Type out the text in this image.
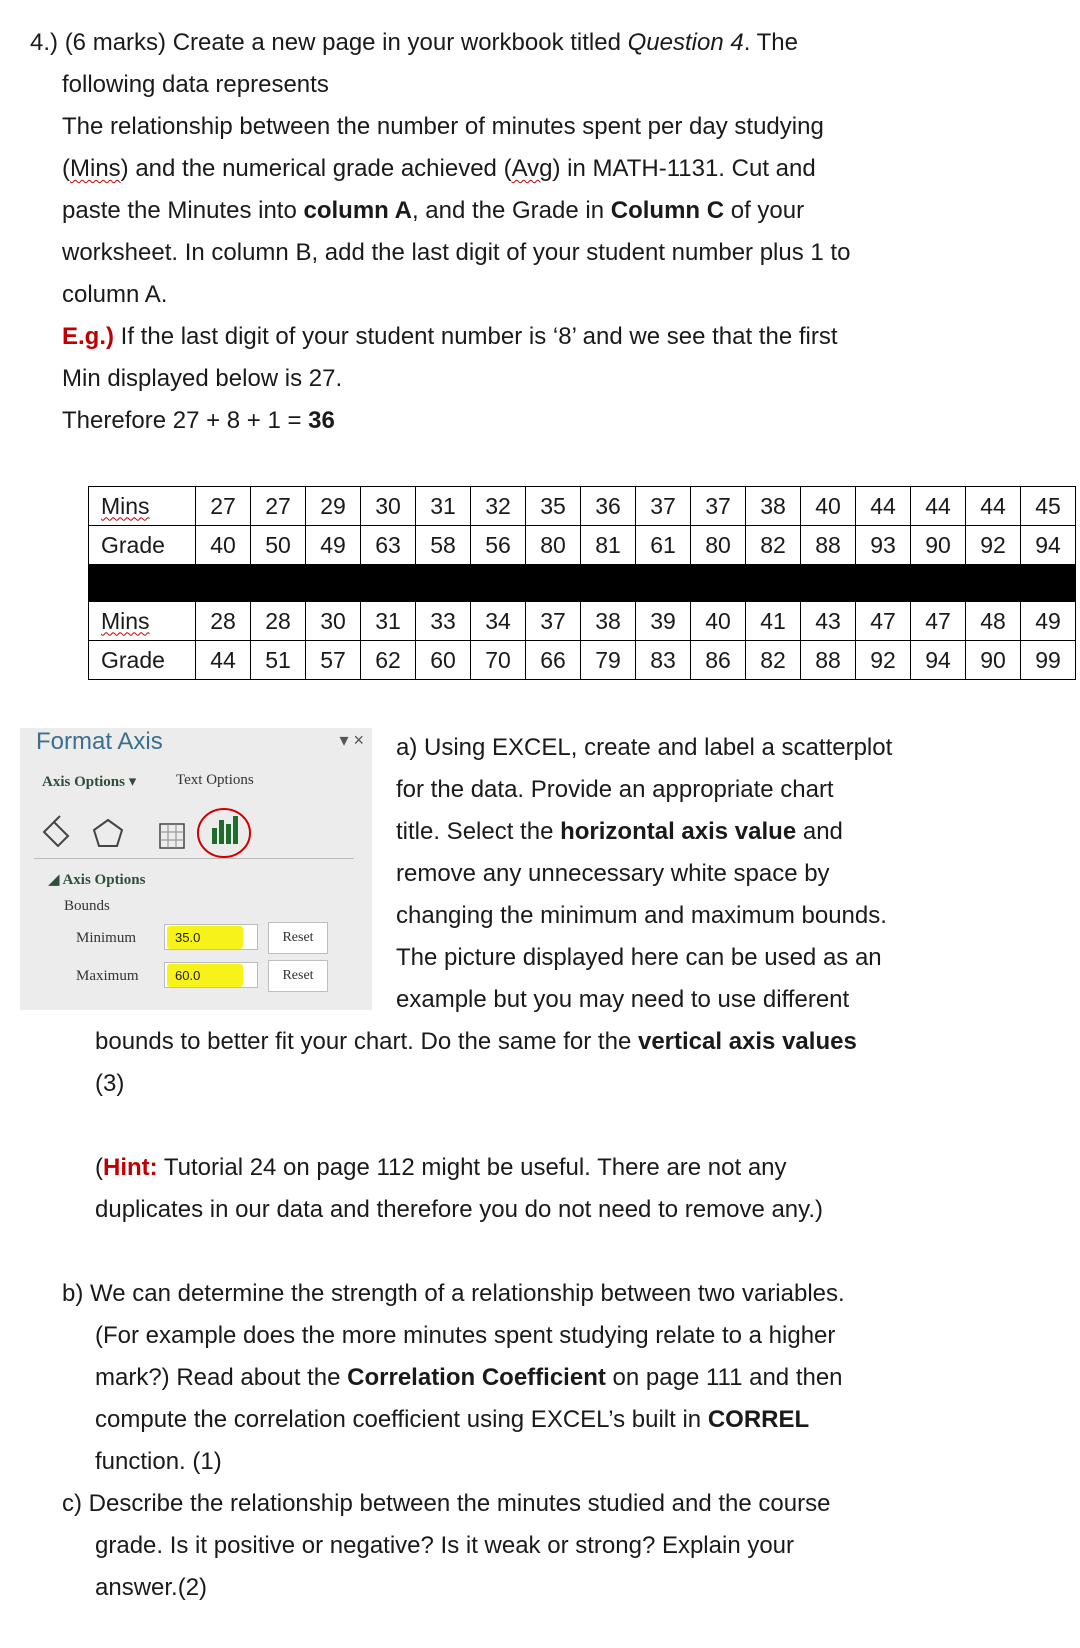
4.) (6 marks) Create a new page in your workbook titled Question 4. The
following data represents
The relationship between the number of minutes spent per day studying
(Mins) and the numerical grade achieved (Avg) in MATH-1131. Cut and
paste the Minutes into column A, and the Grade in Column C of your
worksheet. In column B, add the last digit of your student number plus 1 to
column A.
E.g.) If the last digit of your student number is ‘8’ and we see that the first
Min displayed below is 27.
Therefore 27 + 8 + 1 = 36
Mins	27	27	29	30	31	32	35	36	37	37	38	40	44	44	44	45
Grade	40	50	49	63	58	56	80	81	61	80	82	88	93	90	92	94

Mins	28	28	30	31	33	34	37	38	39	40	41	43	47	47	48	49
Grade	44	51	57	62	60	70	66	79	83	86	82	88	92	94	90	99
Format Axis	▾ ×
Axis Options ▾	Text Options
◢ Axis Options
Bounds
Minimum	35.0	Reset
Maximum	60.0	Reset
a) Using EXCEL, create and label a scatterplot
for the data. Provide an appropriate chart
title. Select the horizontal axis value and
remove any unnecessary white space by
changing the minimum and maximum bounds.
The picture displayed here can be used as an
example but you may need to use different
bounds to better fit your chart. Do the same for the vertical axis values
(3)
(Hint: Tutorial 24 on page 112 might be useful. There are not any
duplicates in our data and therefore you do not need to remove any.)
b) We can determine the strength of a relationship between two variables.
(For example does the more minutes spent studying relate to a higher
mark?) Read about the Correlation Coefficient on page 111 and then
compute the correlation coefficient using EXCEL’s built in CORREL
function. (1)
c) Describe the relationship between the minutes studied and the course
grade. Is it positive or negative? Is it weak or strong? Explain your
answer.(2)
